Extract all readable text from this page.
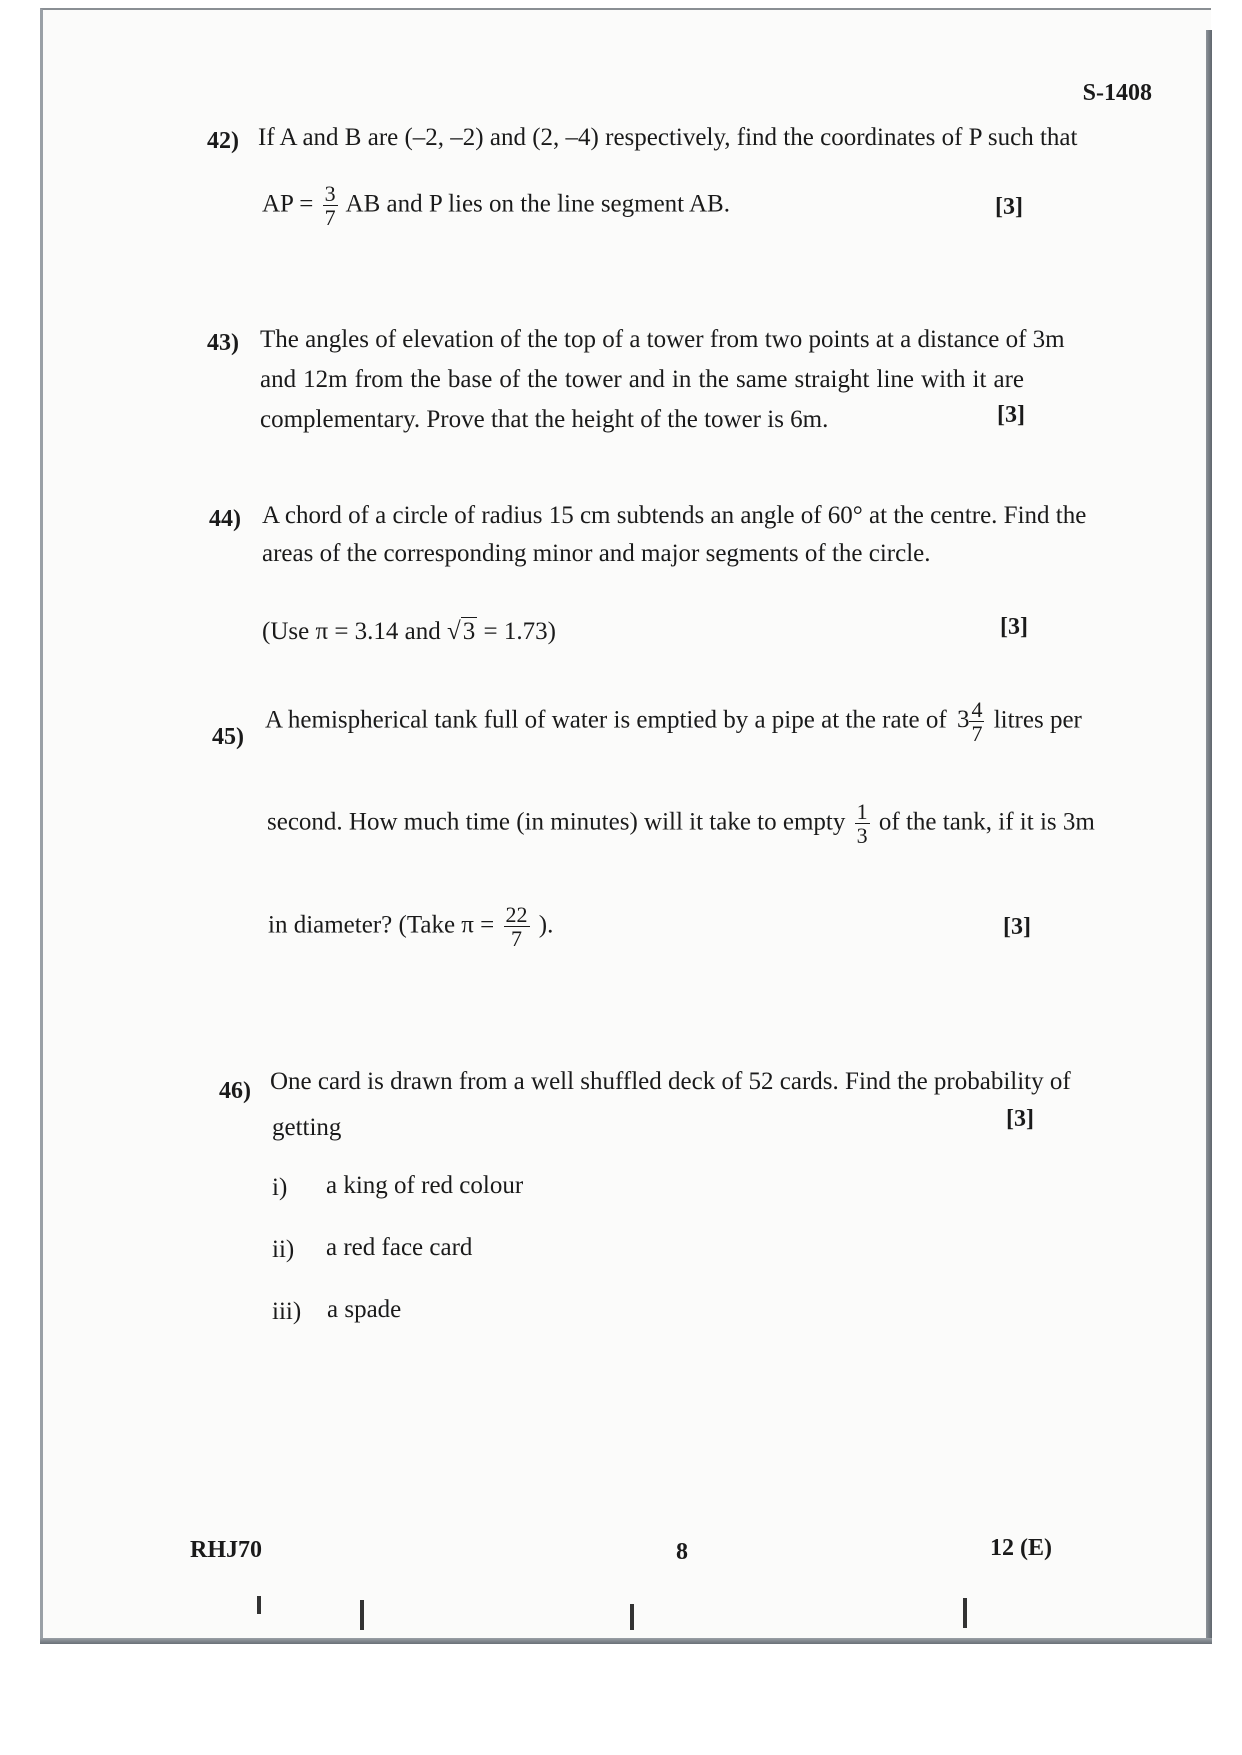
S-1408
42) If A and B are (–2, –2) and (2, –4) respectively, find the coordinates of P such that
AP = $\frac{3}{7}$ AB and P lies on the line segment AB.	[3]
43) The angles of elevation of the top of a tower from two points at a distance of 3m
and 12m from the base of the tower and in the same straight line with it are
complementary. Prove that the height of the tower is 6m.	[3]
44) A chord of a circle of radius 15 cm subtends an angle of 60° at the centre. Find the
areas of the corresponding minor and major segments of the circle.
(Use π = 3.14 and √3 = 1.73)	[3]
45)
A hemispherical tank full of water is emptied by a pipe at the rate of $3 \frac{4}{7}$ litres per
second. How much time (in minutes) will it take to empty $\frac{1}{3}$ of the tank, if it is 3m
in diameter? (Take $\pi = \frac{22}{7}$ ).	[3]
46) One card is drawn from a well shuffled deck of 52 cards. Find the probability of
getting	[3]
i) a king of red colour
ii) a red face card
iii) a spade
RHJ70	8	12 (E)
